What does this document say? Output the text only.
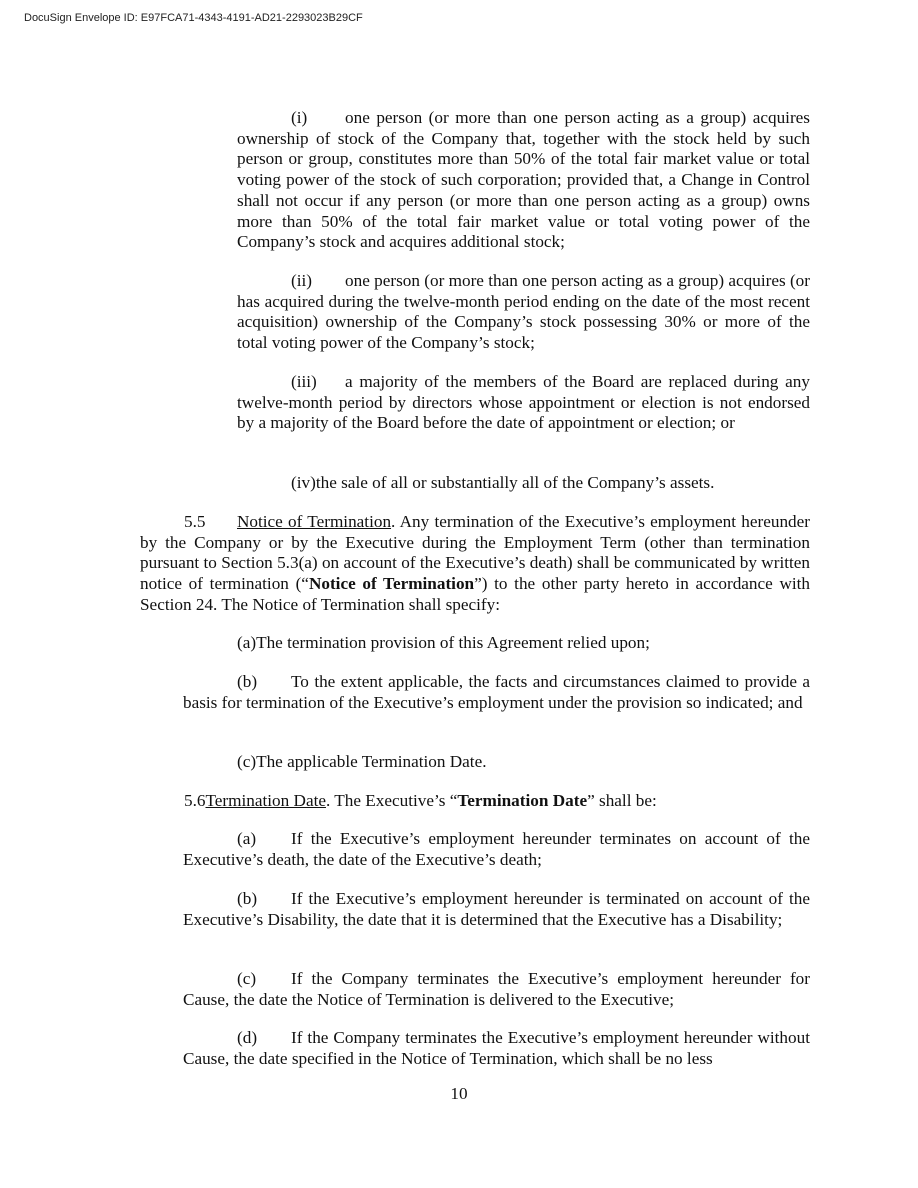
DocuSign Envelope ID: E97FCA71-4343-4191-AD21-2293023B29CF

(i) one person (or more than one person acting as a group) acquires ownership of stock of the Company that, together with the stock held by such person or group, constitutes more than 50% of the total fair market value or total voting power of the stock of such corporation; provided that, a Change in Control shall not occur if any person (or more than one person acting as a group) owns more than 50% of the total fair market value or total voting power of the Company’s stock and acquires additional stock;

(ii) one person (or more than one person acting as a group) acquires (or has acquired during the twelve-month period ending on the date of the most recent acquisition) ownership of the Company’s stock possessing 30% or more of the total voting power of the Company’s stock;

(iii) a majority of the members of the Board are replaced during any twelve-month period by directors whose appointment or election is not endorsed by a majority of the Board before the date of appointment or election; or

(iv)the sale of all or substantially all of the Company’s assets.

5.5 Notice of Termination. Any termination of the Executive’s employment hereunder by the Company or by the Executive during the Employment Term (other than termination pursuant to Section 5.3(a) on account of the Executive’s death) shall be communicated by written notice of termination (“Notice of Termination”) to the other party hereto in accordance with Section 24. The Notice of Termination shall specify:

(a)The termination provision of this Agreement relied upon;

(b) To the extent applicable, the facts and circumstances claimed to provide a basis for termination of the Executive’s employment under the provision so indicated; and

(c)The applicable Termination Date.

5.6Termination Date. The Executive’s “Termination Date” shall be:

(a) If the Executive’s employment hereunder terminates on account of the Executive’s death, the date of the Executive’s death;

(b) If the Executive’s employment hereunder is terminated on account of the Executive’s Disability, the date that it is determined that the Executive has a Disability;

(c) If the Company terminates the Executive’s employment hereunder for Cause, the date the Notice of Termination is delivered to the Executive;

(d) If the Company terminates the Executive’s employment hereunder without Cause, the date specified in the Notice of Termination, which shall be no less

10
